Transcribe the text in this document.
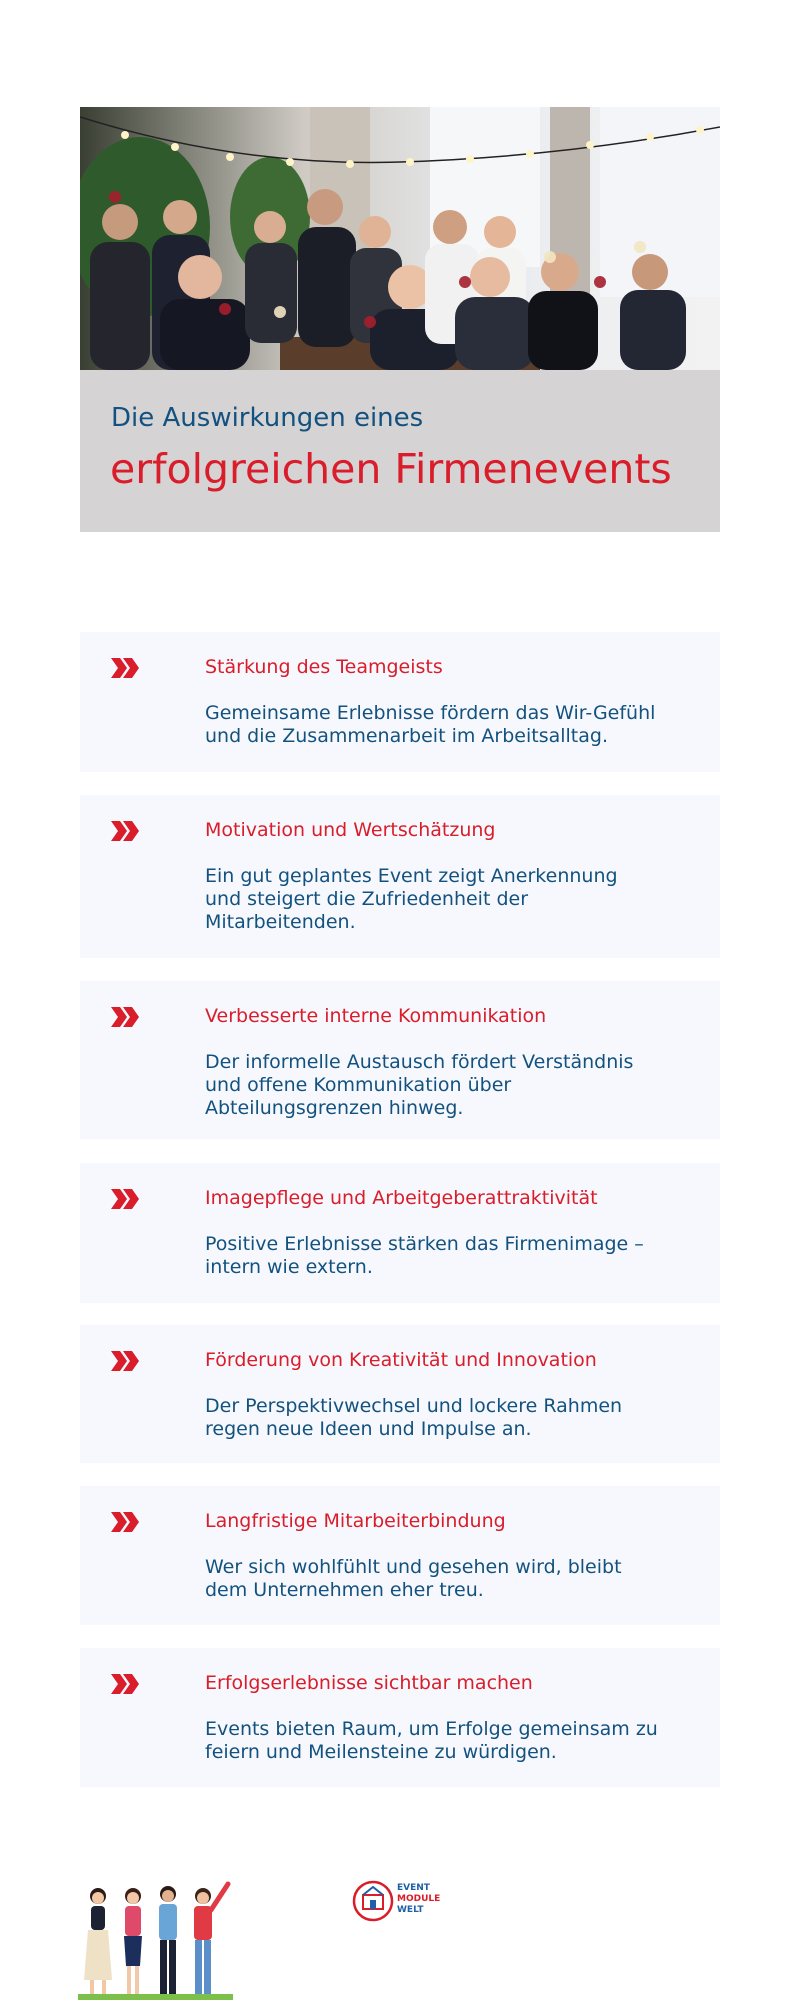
Die Auswirkungen eines
erfolgreichen Firmenevents
Stärkung des Teamgeists
Gemeinsame Erlebnisse fördern das Wir-Gefühl
und die Zusammenarbeit im Arbeitsalltag.
Motivation und Wertschätzung
Ein gut geplantes Event zeigt Anerkennung
und steigert die Zufriedenheit der
Mitarbeitenden.
Verbesserte interne Kommunikation
Der informelle Austausch fördert Verständnis
und offene Kommunikation über
Abteilungsgrenzen hinweg.
Imagepflege und Arbeitgeberattraktivität
Positive Erlebnisse stärken das Firmenimage –
intern wie extern.
Förderung von Kreativität und Innovation
Der Perspektivwechsel und lockere Rahmen
regen neue Ideen und Impulse an.
Langfristige Mitarbeiterbindung
Wer sich wohlfühlt und gesehen wird, bleibt
dem Unternehmen eher treu.
Erfolgserlebnisse sichtbar machen
Events bieten Raum, um Erfolge gemeinsam zu
feiern und Meilensteine zu würdigen.
EVENT
MODULE
WELT
